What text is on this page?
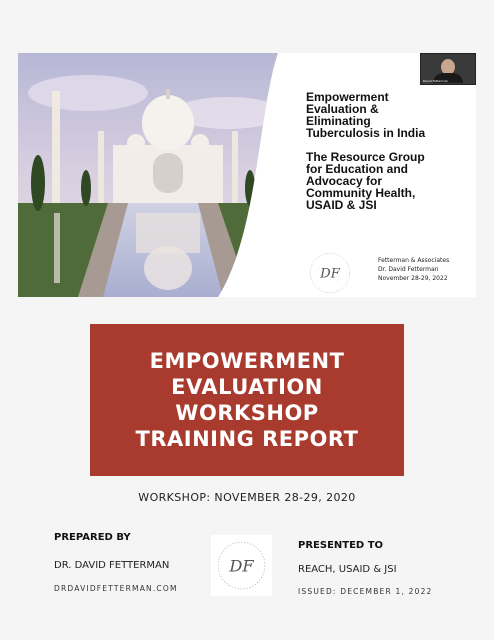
David Fetterman

Empowerment
Evaluation &
Eliminating
Tuberculosis in India

The Resource Group
for Education and
Advocacy for
Community Health,
USAID & JSI

DF
Fetterman & Associates
Dr. David Fetterman
November 28-29, 2022
EMPOWERMENT EVALUATION WORKSHOP TRAINING REPORT
WORKSHOP: NOVEMBER 28-29, 2020
PREPARED BY
DR. DAVID FETTERMAN
DRDAVIDFETTERMAN.COM
DF
PRESENTED TO
REACH, USAID & JSI
ISSUED: DECEMBER 1, 2022
